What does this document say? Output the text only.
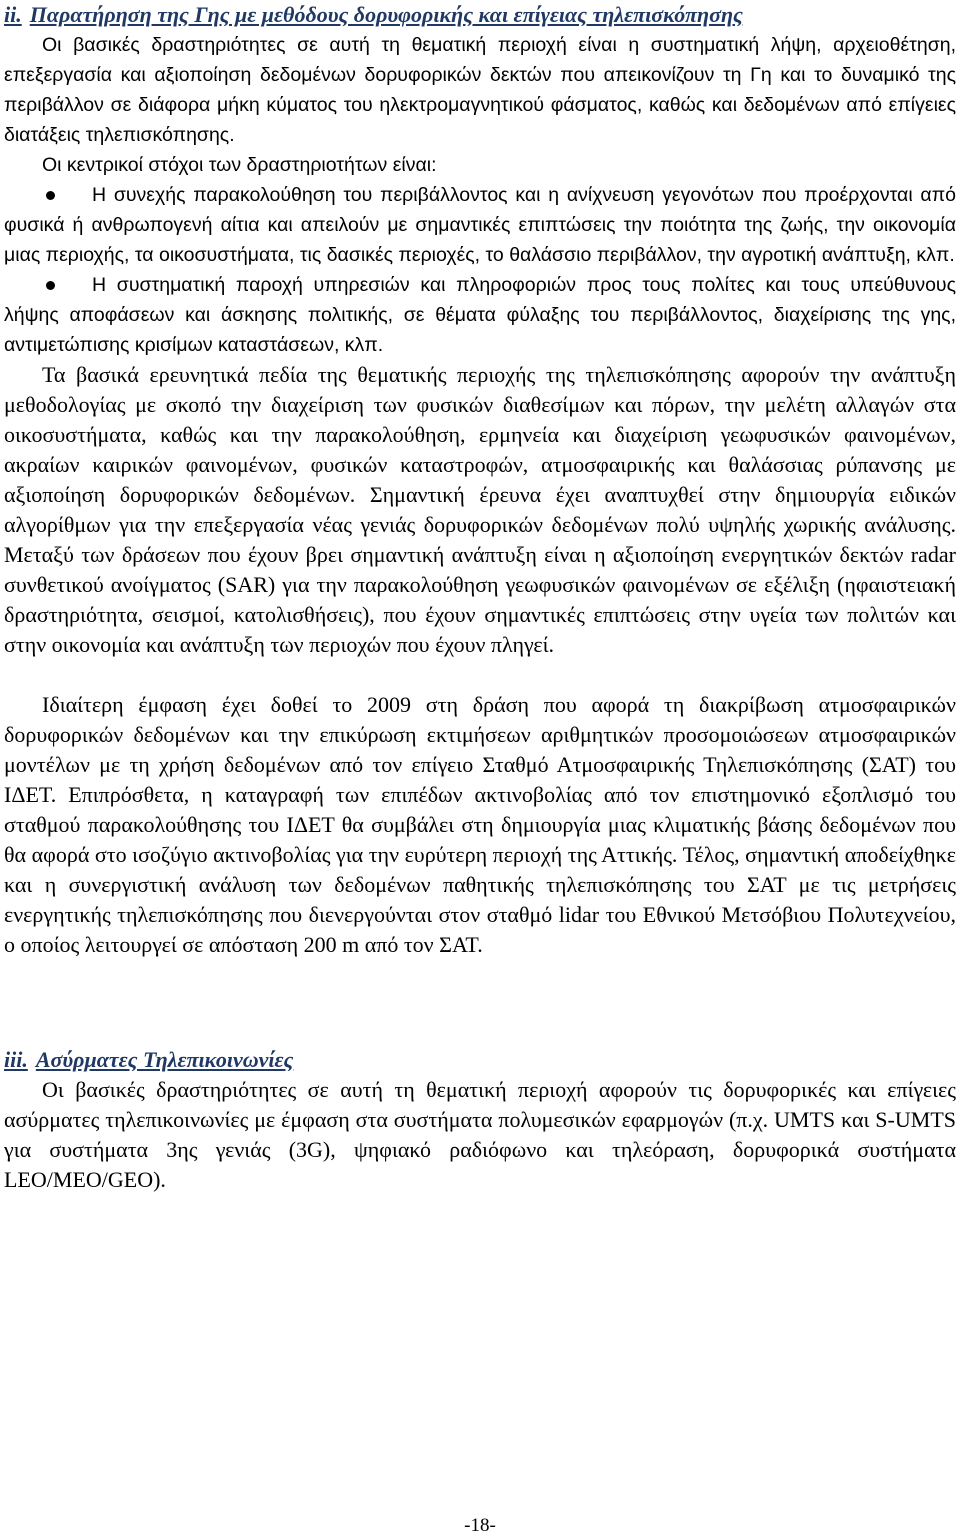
ii. Παρατήρηση της Γης με μεθόδους δορυφορικής και επίγειας τηλεπισκόπησης

Οι βασικές δραστηριότητες σε αυτή τη θεματική περιοχή είναι η συστηματική λήψη, αρχειοθέτηση, επεξεργασία και αξιοποίηση δεδομένων δορυφορικών δεκτών που απεικονίζουν τη Γη και το δυναμικό της περιβάλλον σε διάφορα μήκη κύματος του ηλεκτρομαγνητικού φάσματος, καθώς και δεδομένων από επίγειες διατάξεις τηλεπισκόπησης.

Οι κεντρικοί στόχοι των δραστηριοτήτων είναι:

Η συνεχής παρακολούθηση του περιβάλλοντος και η ανίχνευση γεγονότων που προέρχονται από φυσικά ή ανθρωπογενή αίτια και απειλούν με σημαντικές επιπτώσεις την ποιότητα της ζωής, την οικονομία μιας περιοχής, τα οικοσυστήματα, τις δασικές περιοχές, το θαλάσσιο περιβάλλον, την αγροτική ανάπτυξη, κλπ.
Η συστηματική παροχή υπηρεσιών και πληροφοριών προς τους πολίτες και τους υπεύθυνους λήψης αποφάσεων και άσκησης πολιτικής, σε θέματα φύλαξης του περιβάλλοντος, διαχείρισης της γης, αντιμετώπισης κρισίμων καταστάσεων, κλπ.

Τα βασικά ερευνητικά πεδία της θεματικής περιοχής της τηλεπισκόπησης αφορούν την ανάπτυξη μεθοδολογίας με σκοπό την διαχείριση των φυσικών διαθεσίμων και πόρων, την μελέτη αλλαγών στα οικοσυστήματα, καθώς και την παρακολούθηση, ερμηνεία και διαχείριση γεωφυσικών φαινομένων, ακραίων καιρικών φαινομένων, φυσικών καταστροφών, ατμοσφαιρικής και θαλάσσιας ρύπανσης με αξιοποίηση δορυφορικών δεδομένων. Σημαντική έρευνα έχει αναπτυχθεί στην δημιουργία ειδικών αλγορίθμων για την επεξεργασία νέας γενιάς δορυφορικών δεδομένων πολύ υψηλής χωρικής ανάλυσης. Μεταξύ των δράσεων που έχουν βρει σημαντική ανάπτυξη είναι η αξιοποίηση ενεργητικών δεκτών radar συνθετικού ανοίγματος (SAR) για την παρακολούθηση γεωφυσικών φαινομένων σε εξέλιξη (ηφαιστειακή δραστηριότητα, σεισμοί, κατολισθήσεις), που έχουν σημαντικές επιπτώσεις στην υγεία των πολιτών και στην οικονομία και ανάπτυξη των περιοχών που έχουν πληγεί.

Ιδιαίτερη έμφαση έχει δοθεί το 2009 στη δράση που αφορά τη διακρίβωση ατμοσφαιρικών δορυφορικών δεδομένων και την επικύρωση εκτιμήσεων αριθμητικών προσομοιώσεων ατμοσφαιρικών μοντέλων με τη χρήση δεδομένων από τον επίγειο Σταθμό Ατμοσφαιρικής Τηλεπισκόπησης (ΣΑΤ) του ΙΔΕΤ. Επιπρόσθετα, η καταγραφή των επιπέδων ακτινοβολίας από τον επιστημονικό εξοπλισμό του σταθμού παρακολούθησης του ΙΔΕΤ θα συμβάλει στη δημιουργία μιας κλιματικής βάσης δεδομένων που θα αφορά στο ισοζύγιο ακτινοβολίας για την ευρύτερη περιοχή της Αττικής. Τέλος, σημαντική αποδείχθηκε και η συνεργιστική ανάλυση των δεδομένων παθητικής τηλεπισκόπησης του ΣΑΤ με τις μετρήσεις ενεργητικής τηλεπισκόπησης που διενεργούνται στον σταθμό lidar του Εθνικού Μετσόβιου Πολυτεχνείου, ο οποίος λειτουργεί σε απόσταση 200 m από τον ΣΑΤ.

iii. Ασύρματες Τηλεπικοινωνίες

Οι βασικές δραστηριότητες σε αυτή τη θεματική περιοχή αφορούν τις δορυφορικές και επίγειες ασύρματες τηλεπικοινωνίες με έμφαση στα συστήματα πολυμεσικών εφαρμογών (π.χ. UMTS και S-UMTS για συστήματα 3ης γενιάς (3G), ψηφιακό ραδιόφωνο και τηλεόραση, δορυφορικά συστήματα LEO/MEO/GEO).

-18-
